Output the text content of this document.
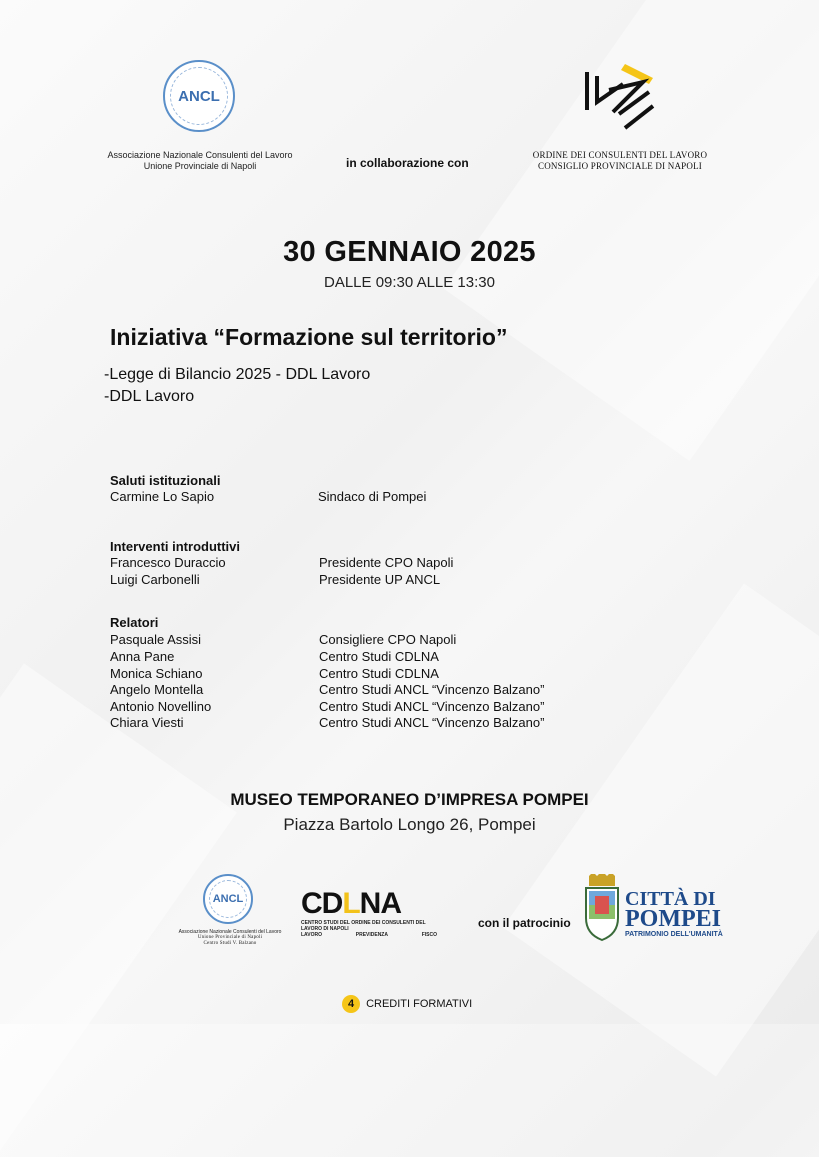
ANCL
Associazione Nazionale Consulenti del Lavoro
Unione Provinciale di Napoli	in collaborazione con
ORDINE DEI CONSULENTI DEL LAVORO
CONSIGLIO PROVINCIALE DI NAPOLI
30 GENNAIO 2025
DALLE 09:30 ALLE 13:30
Iniziativa “Formazione sul territorio”
-Legge di Bilancio 2025 - DDL Lavoro
-DDL Lavoro
Saluti istituzionali
Carmine Lo Sapio	Sindaco di Pompei
Interventi introduttivi
Francesco Duraccio	Presidente CPO Napoli
Luigi Carbonelli	Presidente UP ANCL
Relatori
Pasquale Assisi	Consigliere CPO Napoli
Anna Pane	Centro Studi CDLNA
Monica Schiano	Centro Studi CDLNA
Angelo Montella	Centro Studi ANCL “Vincenzo Balzano”
Antonio Novellino	Centro Studi ANCL “Vincenzo Balzano”
Chiara Viesti	Centro Studi ANCL “Vincenzo Balzano”
MUSEO TEMPORANEO D’IMPRESA POMPEI
Piazza Bartolo Longo 26, Pompei
ANCL
Associazione Nazionale Consulenti del Lavoro
Unione Provinciale di Napoli
Centro Studi V. Balzano
CDLNA
CENTRO STUDI DEL ORDINE DEI CONSULENTI DEL LAVORO DI NAPOLI
LAVORO	PREVIDENZA	FISCO
con il patrocinio
CITTÀ DI
POMPEI
PATRIMONIO DELL'UMANITÀ
4 CREDITI FORMATIVI
